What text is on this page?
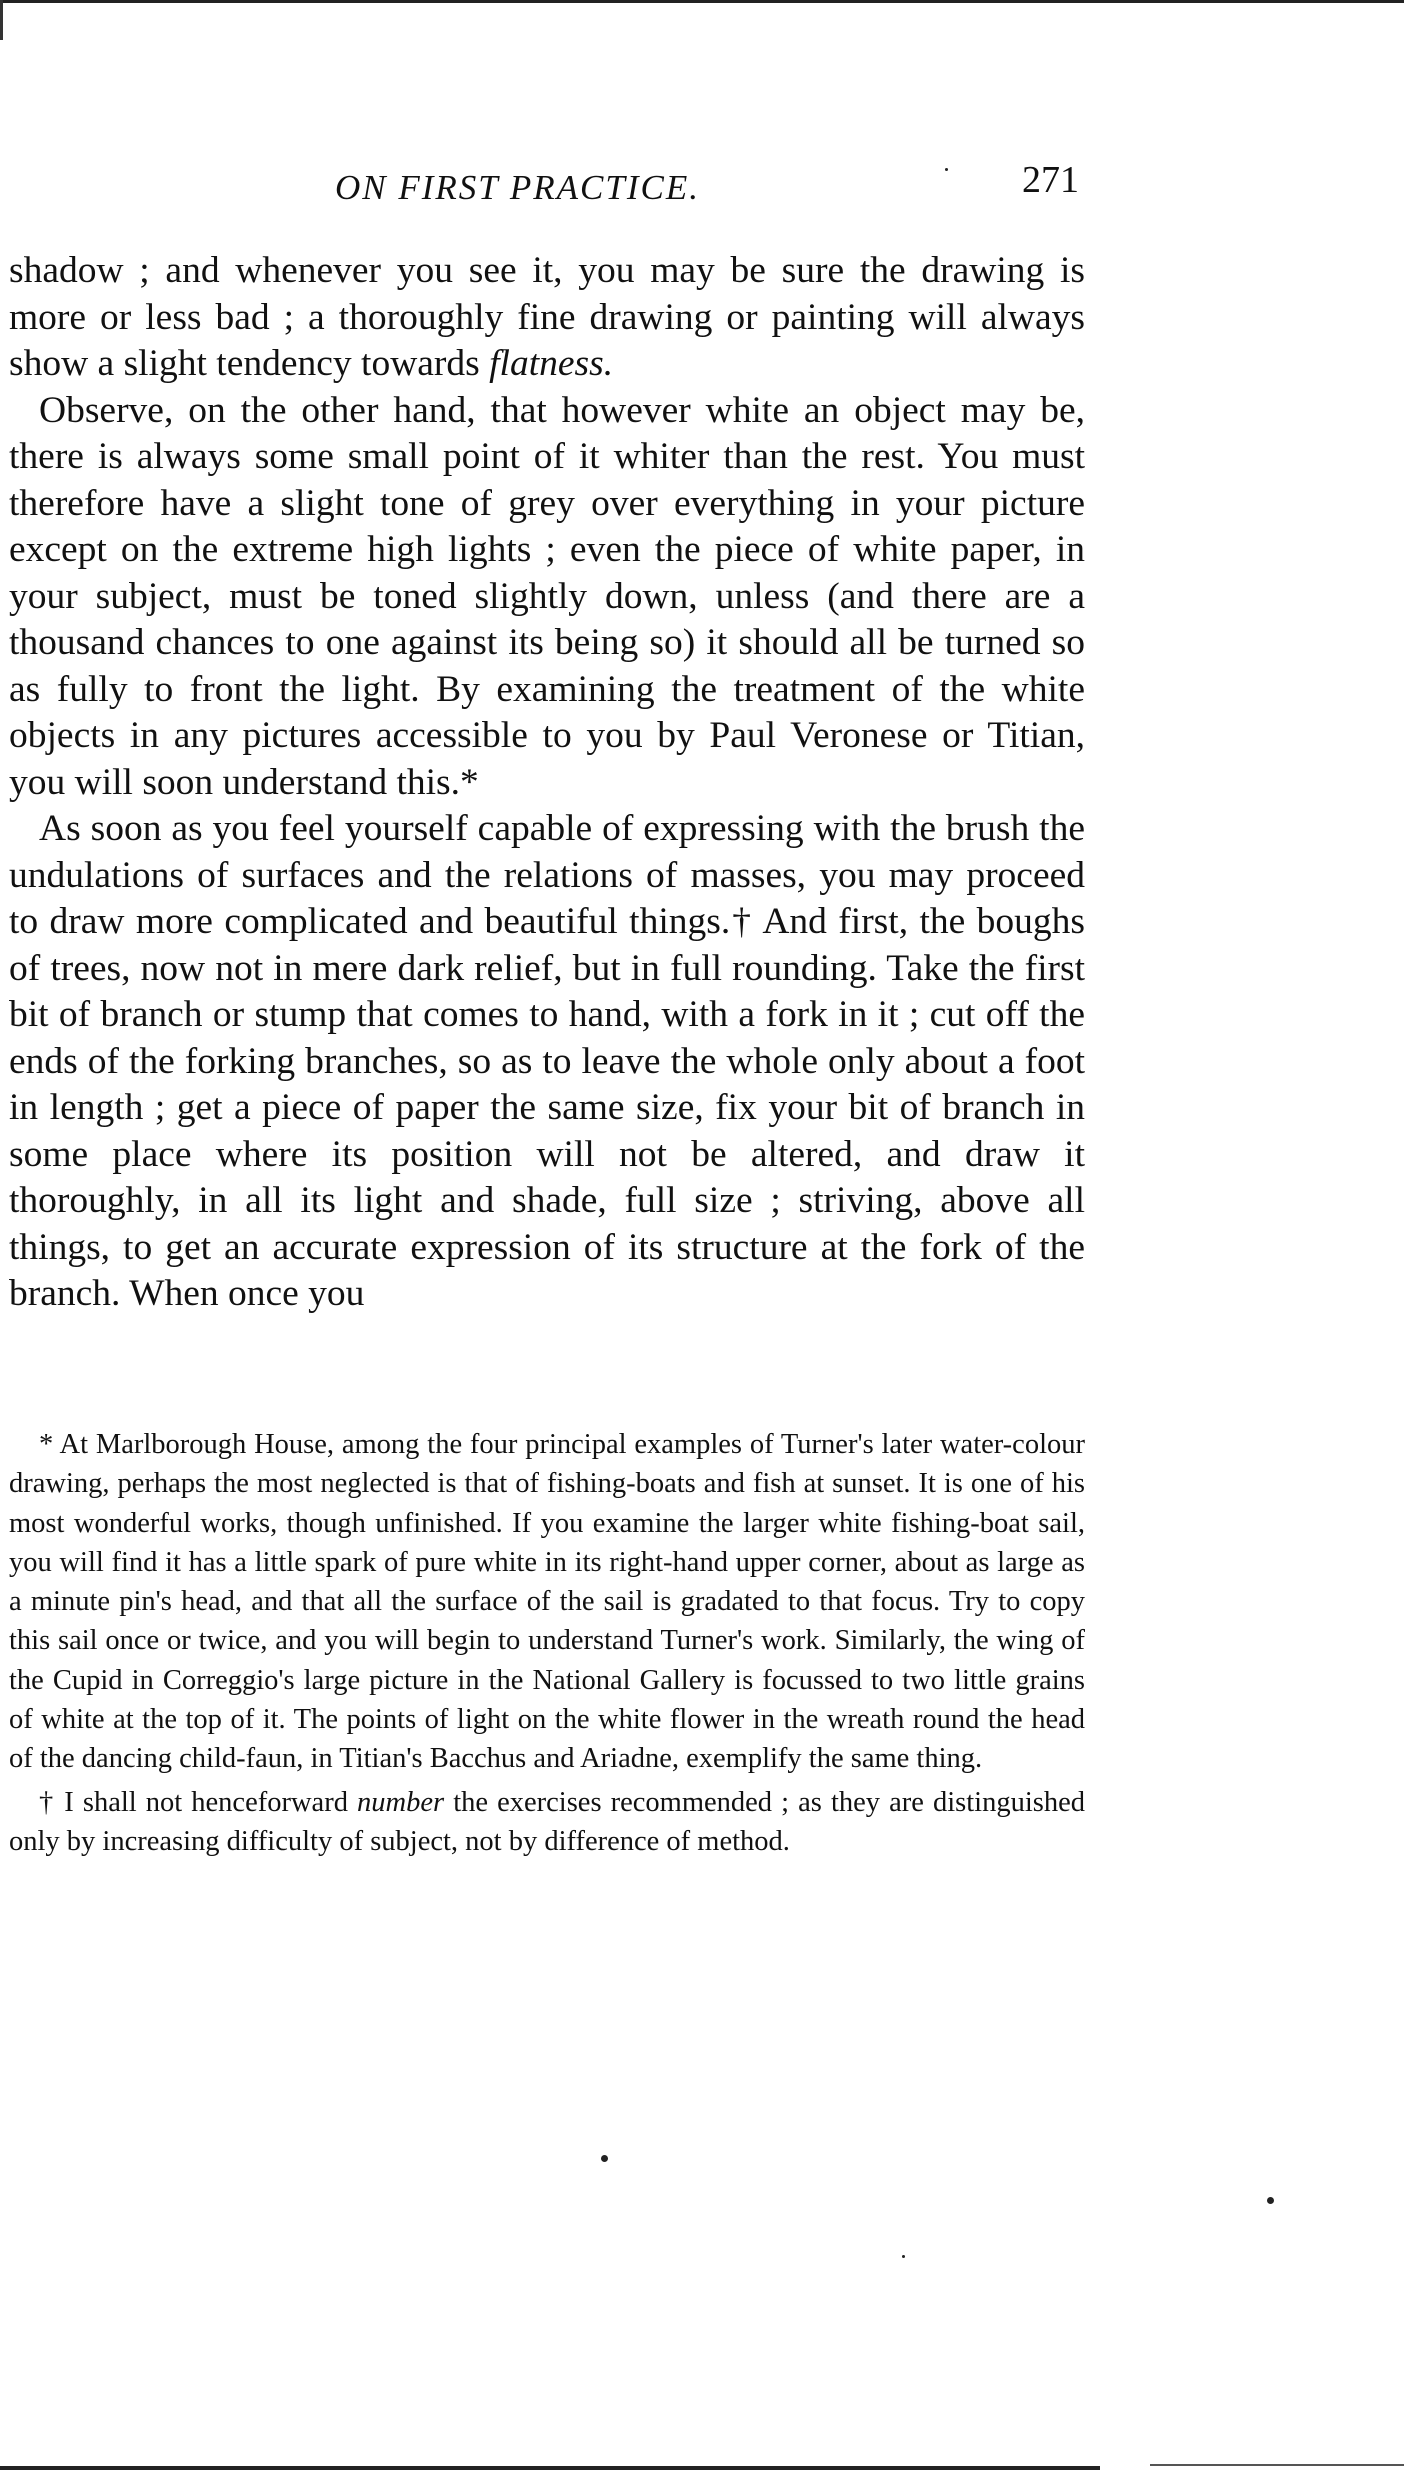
ON FIRST PRACTICE.	271

shadow ; and whenever you see it, you may be sure the drawing is more or less bad ; a thoroughly fine drawing or painting will always show a slight tendency towards flatness.

Observe, on the other hand, that however white an object may be, there is always some small point of it whiter than the rest. You must therefore have a slight tone of grey over everything in your picture except on the extreme high lights ; even the piece of white paper, in your subject, must be toned slightly down, unless (and there are a thousand chances to one against its being so) it should all be turned so as fully to front the light. By examining the treatment of the white objects in any pictures accessible to you by Paul Veronese or Titian, you will soon understand this.*

As soon as you feel yourself capable of expressing with the brush the undulations of surfaces and the relations of masses, you may proceed to draw more complicated and beautiful things.† And first, the boughs of trees, now not in mere dark relief, but in full rounding. Take the first bit of branch or stump that comes to hand, with a fork in it ; cut off the ends of the forking branches, so as to leave the whole only about a foot in length ; get a piece of paper the same size, fix your bit of branch in some place where its position will not be altered, and draw it thoroughly, in all its light and shade, full size ; striving, above all things, to get an accurate expression of its structure at the fork of the branch. When once you

* At Marlborough House, among the four principal examples of Turner's later water-colour drawing, perhaps the most neglected is that of fishing-boats and fish at sunset. It is one of his most wonderful works, though unfinished. If you examine the larger white fishing-boat sail, you will find it has a little spark of pure white in its right-hand upper corner, about as large as a minute pin's head, and that all the surface of the sail is gradated to that focus. Try to copy this sail once or twice, and you will begin to understand Turner's work. Similarly, the wing of the Cupid in Correggio's large picture in the National Gallery is focussed to two little grains of white at the top of it. The points of light on the white flower in the wreath round the head of the dancing child-faun, in Titian's Bacchus and Ariadne, exemplify the same thing.

† I shall not henceforward number the exercises recommended ; as they are distinguished only by increasing difficulty of subject, not by difference of method.
